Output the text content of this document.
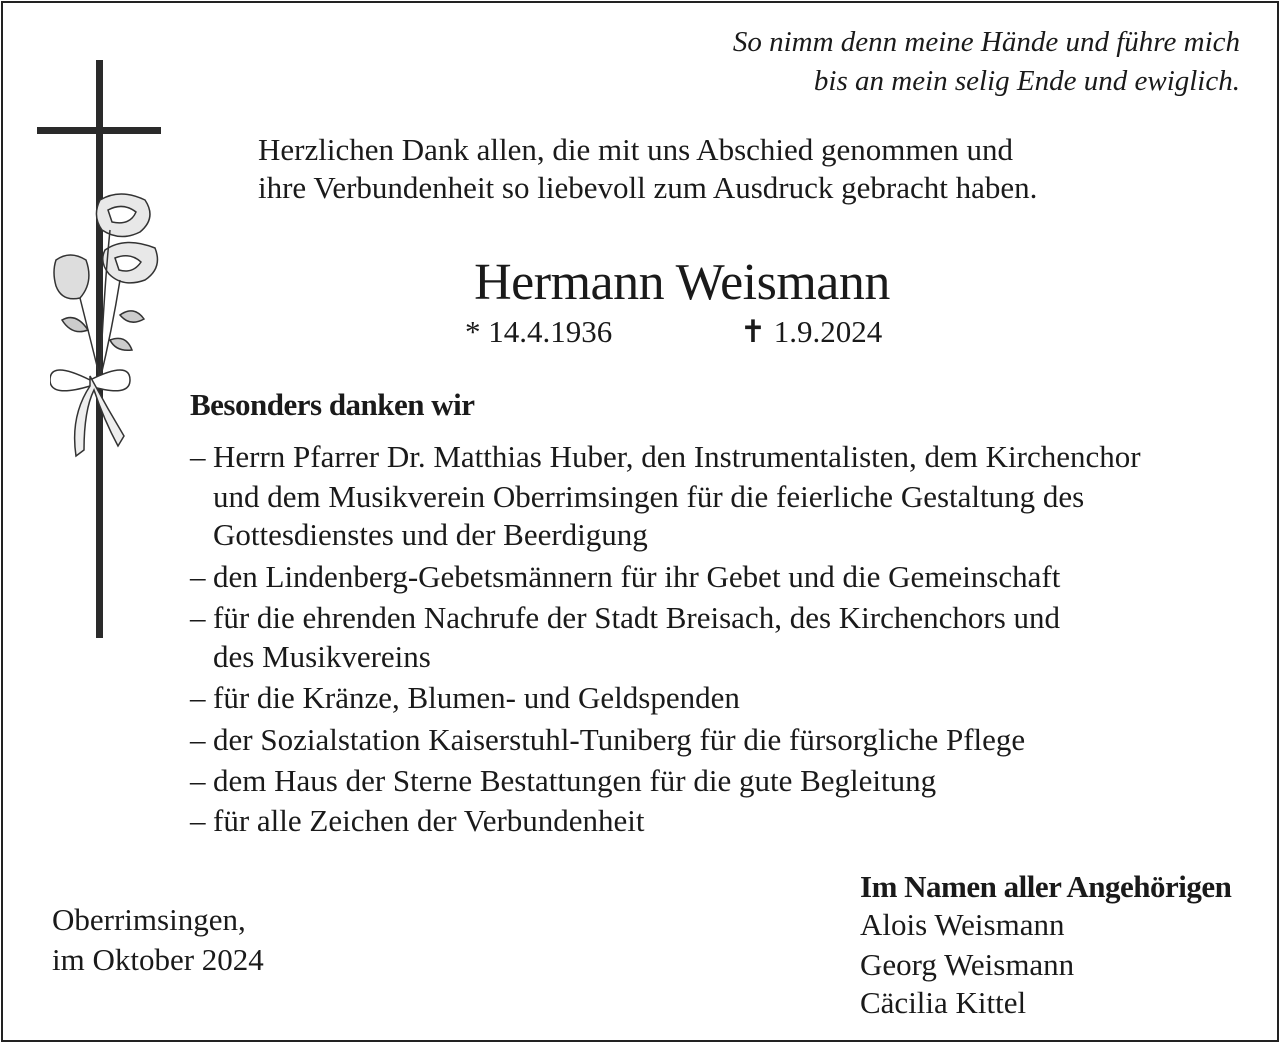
So nimm denn meine Hände und führe mich
bis an mein selig Ende und ewiglich.
Herzlichen Dank allen, die mit uns Abschied genommen und
ihre Verbundenheit so liebevoll zum Ausdruck gebracht haben.
Hermann Weismann
* 14.4.1936	✝ 1.9.2024
Besonders danken wir
– Herrn Pfarrer Dr. Matthias Huber, den Instrumentalisten, dem Kirchenchor
und dem Musikverein Oberrimsingen für die feierliche Gestaltung des
Gottesdienstes und der Beerdigung
– den Lindenberg-Gebetsmännern für ihr Gebet und die Gemeinschaft
– für die ehrenden Nachrufe der Stadt Breisach, des Kirchenchors und
des Musikvereins
– für die Kränze, Blumen- und Geldspenden
– der Sozialstation Kaiserstuhl-Tuniberg für die fürsorgliche Pflege
– dem Haus der Sterne Bestattungen für die gute Begleitung
– für alle Zeichen der Verbundenheit
Oberrimsingen,
im Oktober 2024
Im Namen aller Angehörigen
Alois Weismann
Georg Weismann
Cäcilia Kittel
